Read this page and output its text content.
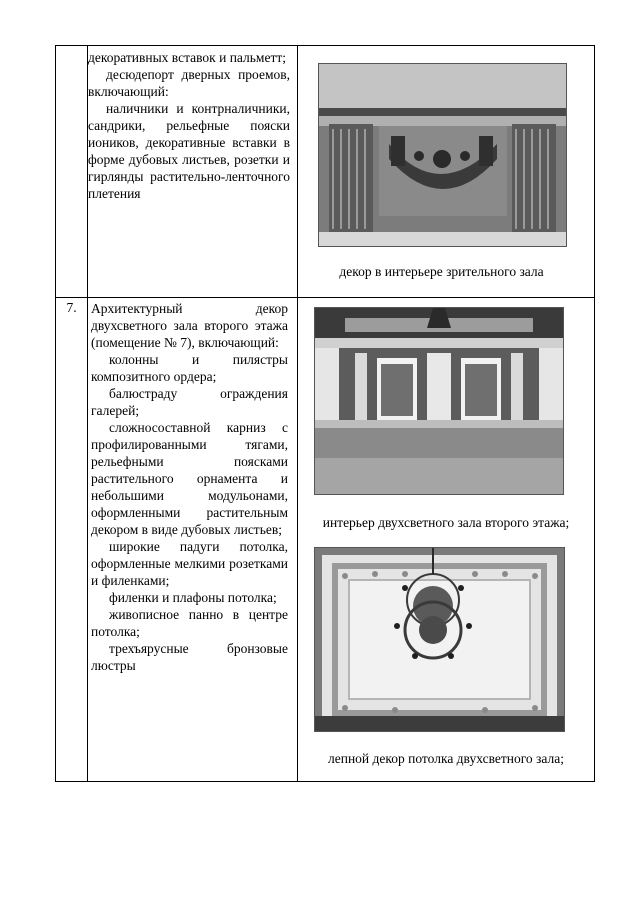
декоративных вставок и пальметт;

десюдепорт дверных проемов, включающий:

наличники и контрналичники, сандрики, рельефные пояски иоников, декоративные вставки в форме дубовых листьев, розетки и гирлянды растительно-ленточного плетения

декор в интерьере зрительного зала
7.	Архитектурный декор двухсветного зала второго этажа (помещение № 7), включающий:

колонны и пилястры композитного ордера;

балюстраду ограждения галерей;

сложносоставной карниз с профилированными тягами, рельефными поясками растительного орнамента и небольшими модульонами, оформленными растительным декором в виде дубовых листьев;

широкие падуги потолка, оформленные мелкими розетками и филенками;

филенки и плафоны потолка;

живописное панно в центре потолка;

трехъярусные бронзовые люстры

интерьер двухсветного зала второго этажа;
лепной декор потолка двухсветного зала;
